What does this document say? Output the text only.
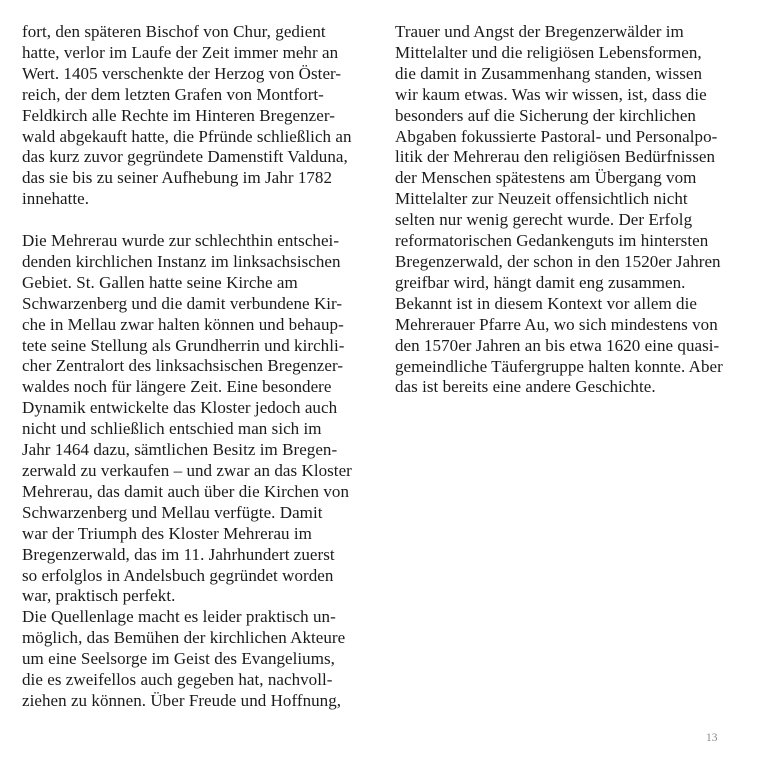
fort, den späteren Bischof von Chur, gedient
hatte, verlor im Laufe der Zeit immer mehr an
Wert. 1405 verschenkte der Herzog von Öster-
reich, der dem letzten Grafen von Montfort-
Feldkirch alle Rechte im Hinteren Bregenzer-
wald abgekauft hatte, die Pfründe schließlich an
das kurz zuvor gegründete Damenstift Valduna,
das sie bis zu seiner Aufhebung im Jahr 1782
innehatte.

Die Mehrerau wurde zur schlechthin entschei-
denden kirchlichen Instanz im linksachsischen
Gebiet. St. Gallen hatte seine Kirche am
Schwarzenberg und die damit verbundene Kir-
che in Mellau zwar halten können und behaup-
tete seine Stellung als Grundherrin und kirchli-
cher Zentralort des linksachsischen Bregenzer-
waldes noch für längere Zeit. Eine besondere
Dynamik entwickelte das Kloster jedoch auch
nicht und schließlich entschied man sich im
Jahr 1464 dazu, sämtlichen Besitz im Bregen-
zerwald zu verkaufen – und zwar an das Kloster
Mehrerau, das damit auch über die Kirchen von
Schwarzenberg und Mellau verfügte. Damit
war der Triumph des Kloster Mehrerau im
Bregenzerwald, das im 11. Jahrhundert zuerst
so erfolglos in Andelsbuch gegründet worden
war, praktisch perfekt.

Die Quellenlage macht es leider praktisch un-
möglich, das Bemühen der kirchlichen Akteure
um eine Seelsorge im Geist des Evangeliums,
die es zweifellos auch gegeben hat, nachvoll-
ziehen zu können. Über Freude und Hoffnung,

Trauer und Angst der Bregenzerwälder im
Mittelalter und die religiösen Lebensformen,
die damit in Zusammenhang standen, wissen
wir kaum etwas. Was wir wissen, ist, dass die
besonders auf die Sicherung der kirchlichen
Abgaben fokussierte Pastoral- und Personalpo-
litik der Mehrerau den religiösen Bedürfnissen
der Menschen spätestens am Übergang vom
Mittelalter zur Neuzeit offensichtlich nicht
selten nur wenig gerecht wurde. Der Erfolg
reformatorischen Gedankenguts im hintersten
Bregenzerwald, der schon in den 1520er Jahren
greifbar wird, hängt damit eng zusammen.
Bekannt ist in diesem Kontext vor allem die
Mehrerauer Pfarre Au, wo sich mindestens von
den 1570er Jahren an bis etwa 1620 eine quasi-
gemeindliche Täufergruppe halten konnte. Aber
das ist bereits eine andere Geschichte.

13
